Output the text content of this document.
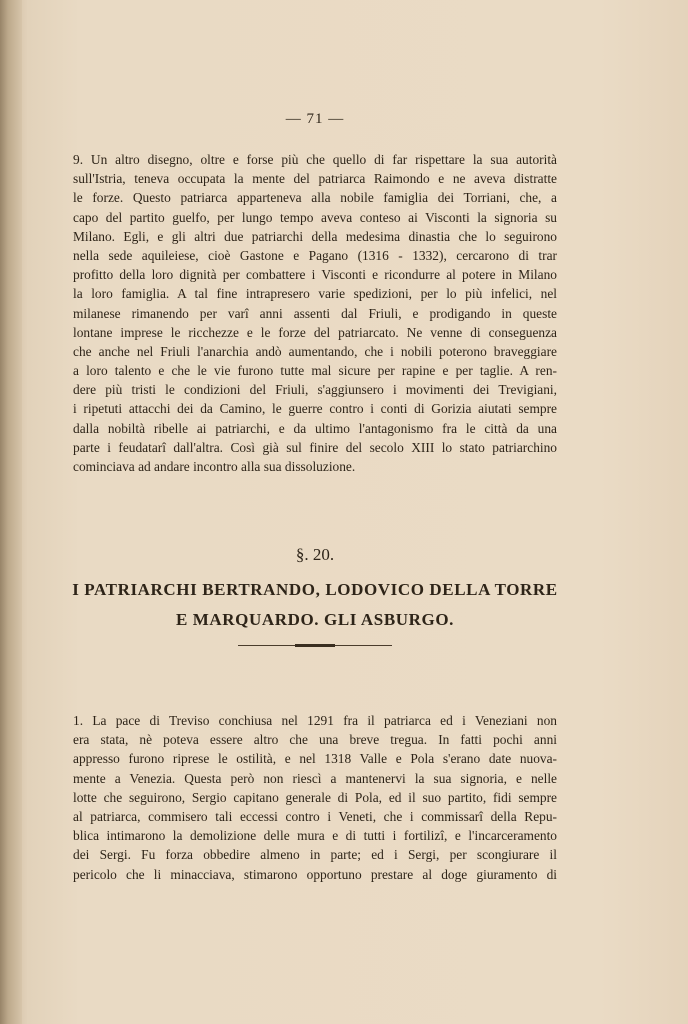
— 71 —
9. Un altro disegno, oltre e forse più che quello di far rispettare la sua autorità
sull'Istria, teneva occupata la mente del patriarca Raimondo e ne aveva distratte
le forze. Questo patriarca apparteneva alla nobile famiglia dei Torriani, che, a
capo del partito guelfo, per lungo tempo aveva conteso ai Visconti la signoria su
Milano. Egli, e gli altri due patriarchi della medesima dinastia che lo seguirono
nella sede aquileiese, cioè Gastone e Pagano (1316 - 1332), cercarono di trar
profitto della loro dignità per combattere i Visconti e ricondurre al potere in Milano
la loro famiglia. A tal fine intrapresero varie spedizioni, per lo più infelici, nel
milanese rimanendo per varî anni assenti dal Friuli, e prodigando in queste
lontane imprese le ricchezze e le forze del patriarcato. Ne venne di conseguenza
che anche nel Friuli l'anarchia andò aumentando, che i nobili poterono braveggiare
a loro talento e che le vie furono tutte mal sicure per rapine e per taglie. A ren-
dere più tristi le condizioni del Friuli, s'aggiunsero i movimenti dei Trevigiani,
i ripetuti attacchi dei da Camino, le guerre contro i conti di Gorizia aiutati sempre
dalla nobiltà ribelle ai patriarchi, e da ultimo l'antagonismo fra le città da una
parte i feudatarî dall'altra. Così già sul finire del secolo XIII lo stato patriarchino
cominciava ad andare incontro alla sua dissoluzione.
§. 20.
I PATRIARCHI BERTRANDO, LODOVICO DELLA TORRE
E MARQUARDO. GLI ASBURGO.
1. La pace di Treviso conchiusa nel 1291 fra il patriarca ed i Veneziani non
era stata, nè poteva essere altro che una breve tregua. In fatti pochi anni
appresso furono riprese le ostilità, e nel 1318 Valle e Pola s'erano date nuova-
mente a Venezia. Questa però non riescì a mantenervi la sua signoria, e nelle
lotte che seguirono, Sergio capitano generale di Pola, ed il suo partito, fidi sempre
al patriarca, commisero tali eccessi contro i Veneti, che i commissarî della Repu-
blica intimarono la demolizione delle mura e di tutti i fortilizî, e l'incarceramento
dei Sergi. Fu forza obbedire almeno in parte; ed i Sergi, per scongiurare il
pericolo che li minacciava, stimarono opportuno prestare al doge giuramento di
